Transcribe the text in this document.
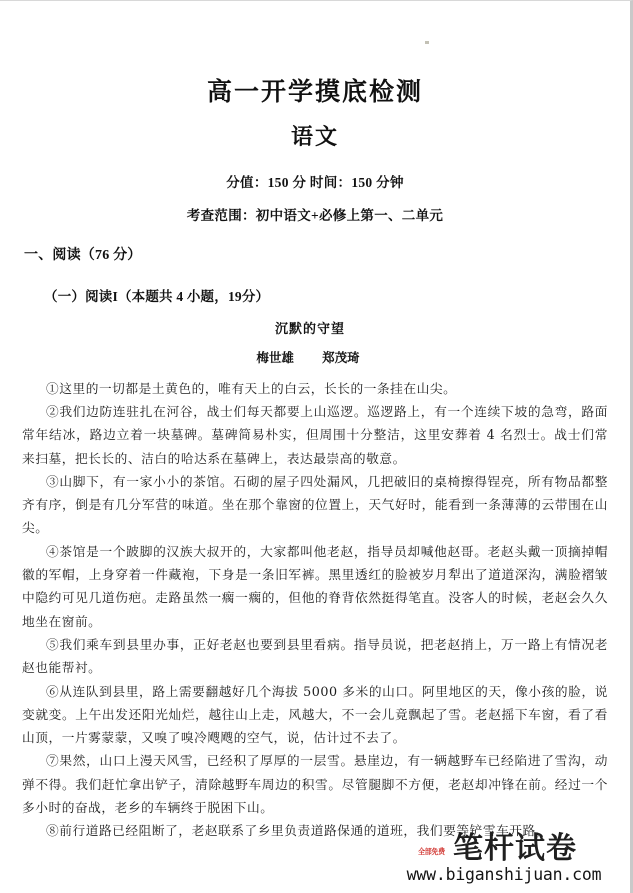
高一开学摸底检测
语文

分值：150 分 时间：150 分钟

考查范围：初中语文+必修上第一、二单元

一、阅读（76 分）

（一）阅读I（本题共 4 小题，19分）

沉默的守望

梅世雄 郑茂琦

①这里的一切都是土黄色的，唯有天上的白云，长长的一条挂在山尖。

②我们边防连驻扎在河谷，战士们每天都要上山巡逻。巡逻路上，有一个连续下坡的急弯，路面常年结冰，路边立着一块墓碑。墓碑简易朴实，但周围十分整洁，这里安葬着 4 名烈士。战士们常来扫墓，把长长的、洁白的哈达系在墓碑上，表达最崇高的敬意。

③山脚下，有一家小小的茶馆。石砌的屋子四处漏风，几把破旧的桌椅擦得锃亮，所有物品都整齐有序，倒是有几分军营的味道。坐在那个靠窗的位置上，天气好时，能看到一条薄薄的云带围在山尖。

④茶馆是一个跛脚的汉族大叔开的，大家都叫他老赵，指导员却喊他赵哥。老赵头戴一顶摘掉帽徽的军帽，上身穿着一件藏袍，下身是一条旧军裤。黑里透红的脸被岁月犁出了道道深沟，满脸褶皱中隐约可见几道伤疤。走路虽然一瘸一瘸的，但他的脊背依然挺得笔直。没客人的时候，老赵会久久地坐在窗前。

⑤我们乘车到县里办事，正好老赵也要到县里看病。指导员说，把老赵捎上，万一路上有情况老赵也能帮衬。

⑥从连队到县里，路上需要翻越好几个海拔 5000 多米的山口。阿里地区的天，像小孩的脸，说变就变。上午出发还阳光灿烂，越往山上走，风越大，不一会儿竟飘起了雪。老赵摇下车窗，看了看山顶，一片雾蒙蒙，又嗅了嗅冷飕飕的空气，说，估计过不去了。

⑦果然，山口上漫天风雪，已经积了厚厚的一层雪。悬崖边，有一辆越野车已经陷进了雪沟，动弹不得。我们赶忙拿出铲子，清除越野车周边的积雪。尽管腿脚不方便，老赵却冲锋在前。经过一个多小时的奋战，老乡的车辆终于脱困下山。

⑧前行道路已经阻断了，老赵联系了乡里负责道路保通的道班，我们要等铲雪车开路，

全部免费 笔杆试卷
www.biganshijuan.com
